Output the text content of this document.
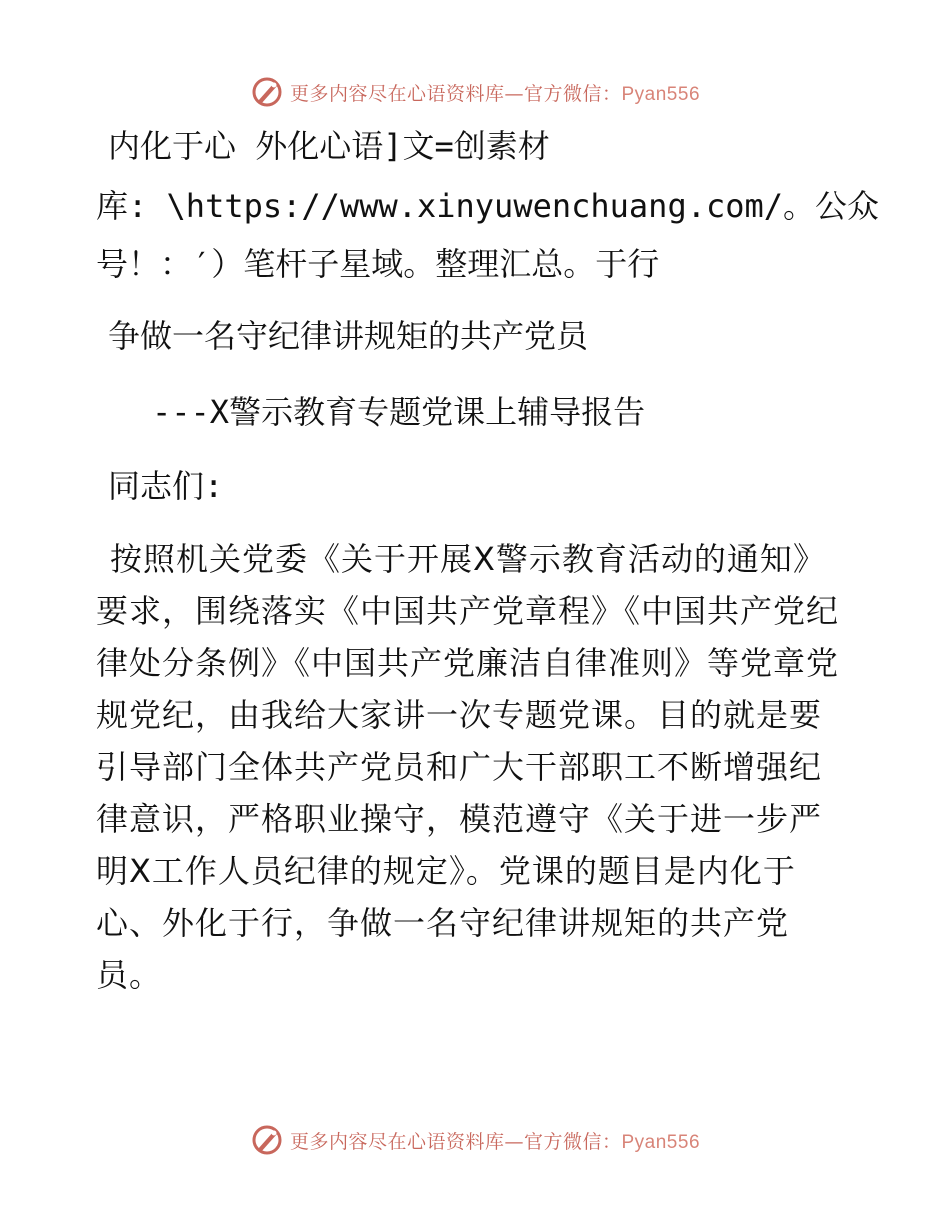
更多内容尽在心语资料库—官方微信：Pyan556
内化于心 外化心语]文=创素材
库: \https://www.xinyuwenchuang.com/。公众
号！：′）笔杆子星域。整理汇总。于行
争做一名守纪律讲规矩的共产党员
---X警示教育专题党课上辅导报告
同志们:
按照机关党委《关于开展X警示教育活动的通知》要求，围绕落实《中国共产党章程》《中国共产党纪律处分条例》《中国共产党廉洁自律准则》等党章党规党纪，由我给大家讲一次专题党课。目的就是要引导部门全体共产党员和广大干部职工不断增强纪律意识，严格职业操守，模范遵守《关于进一步严明X工作人员纪律的规定》。党课的题目是内化于心、外化于行，争做一名守纪律讲规矩的共产党员。
更多内容尽在心语资料库—官方微信：Pyan556
